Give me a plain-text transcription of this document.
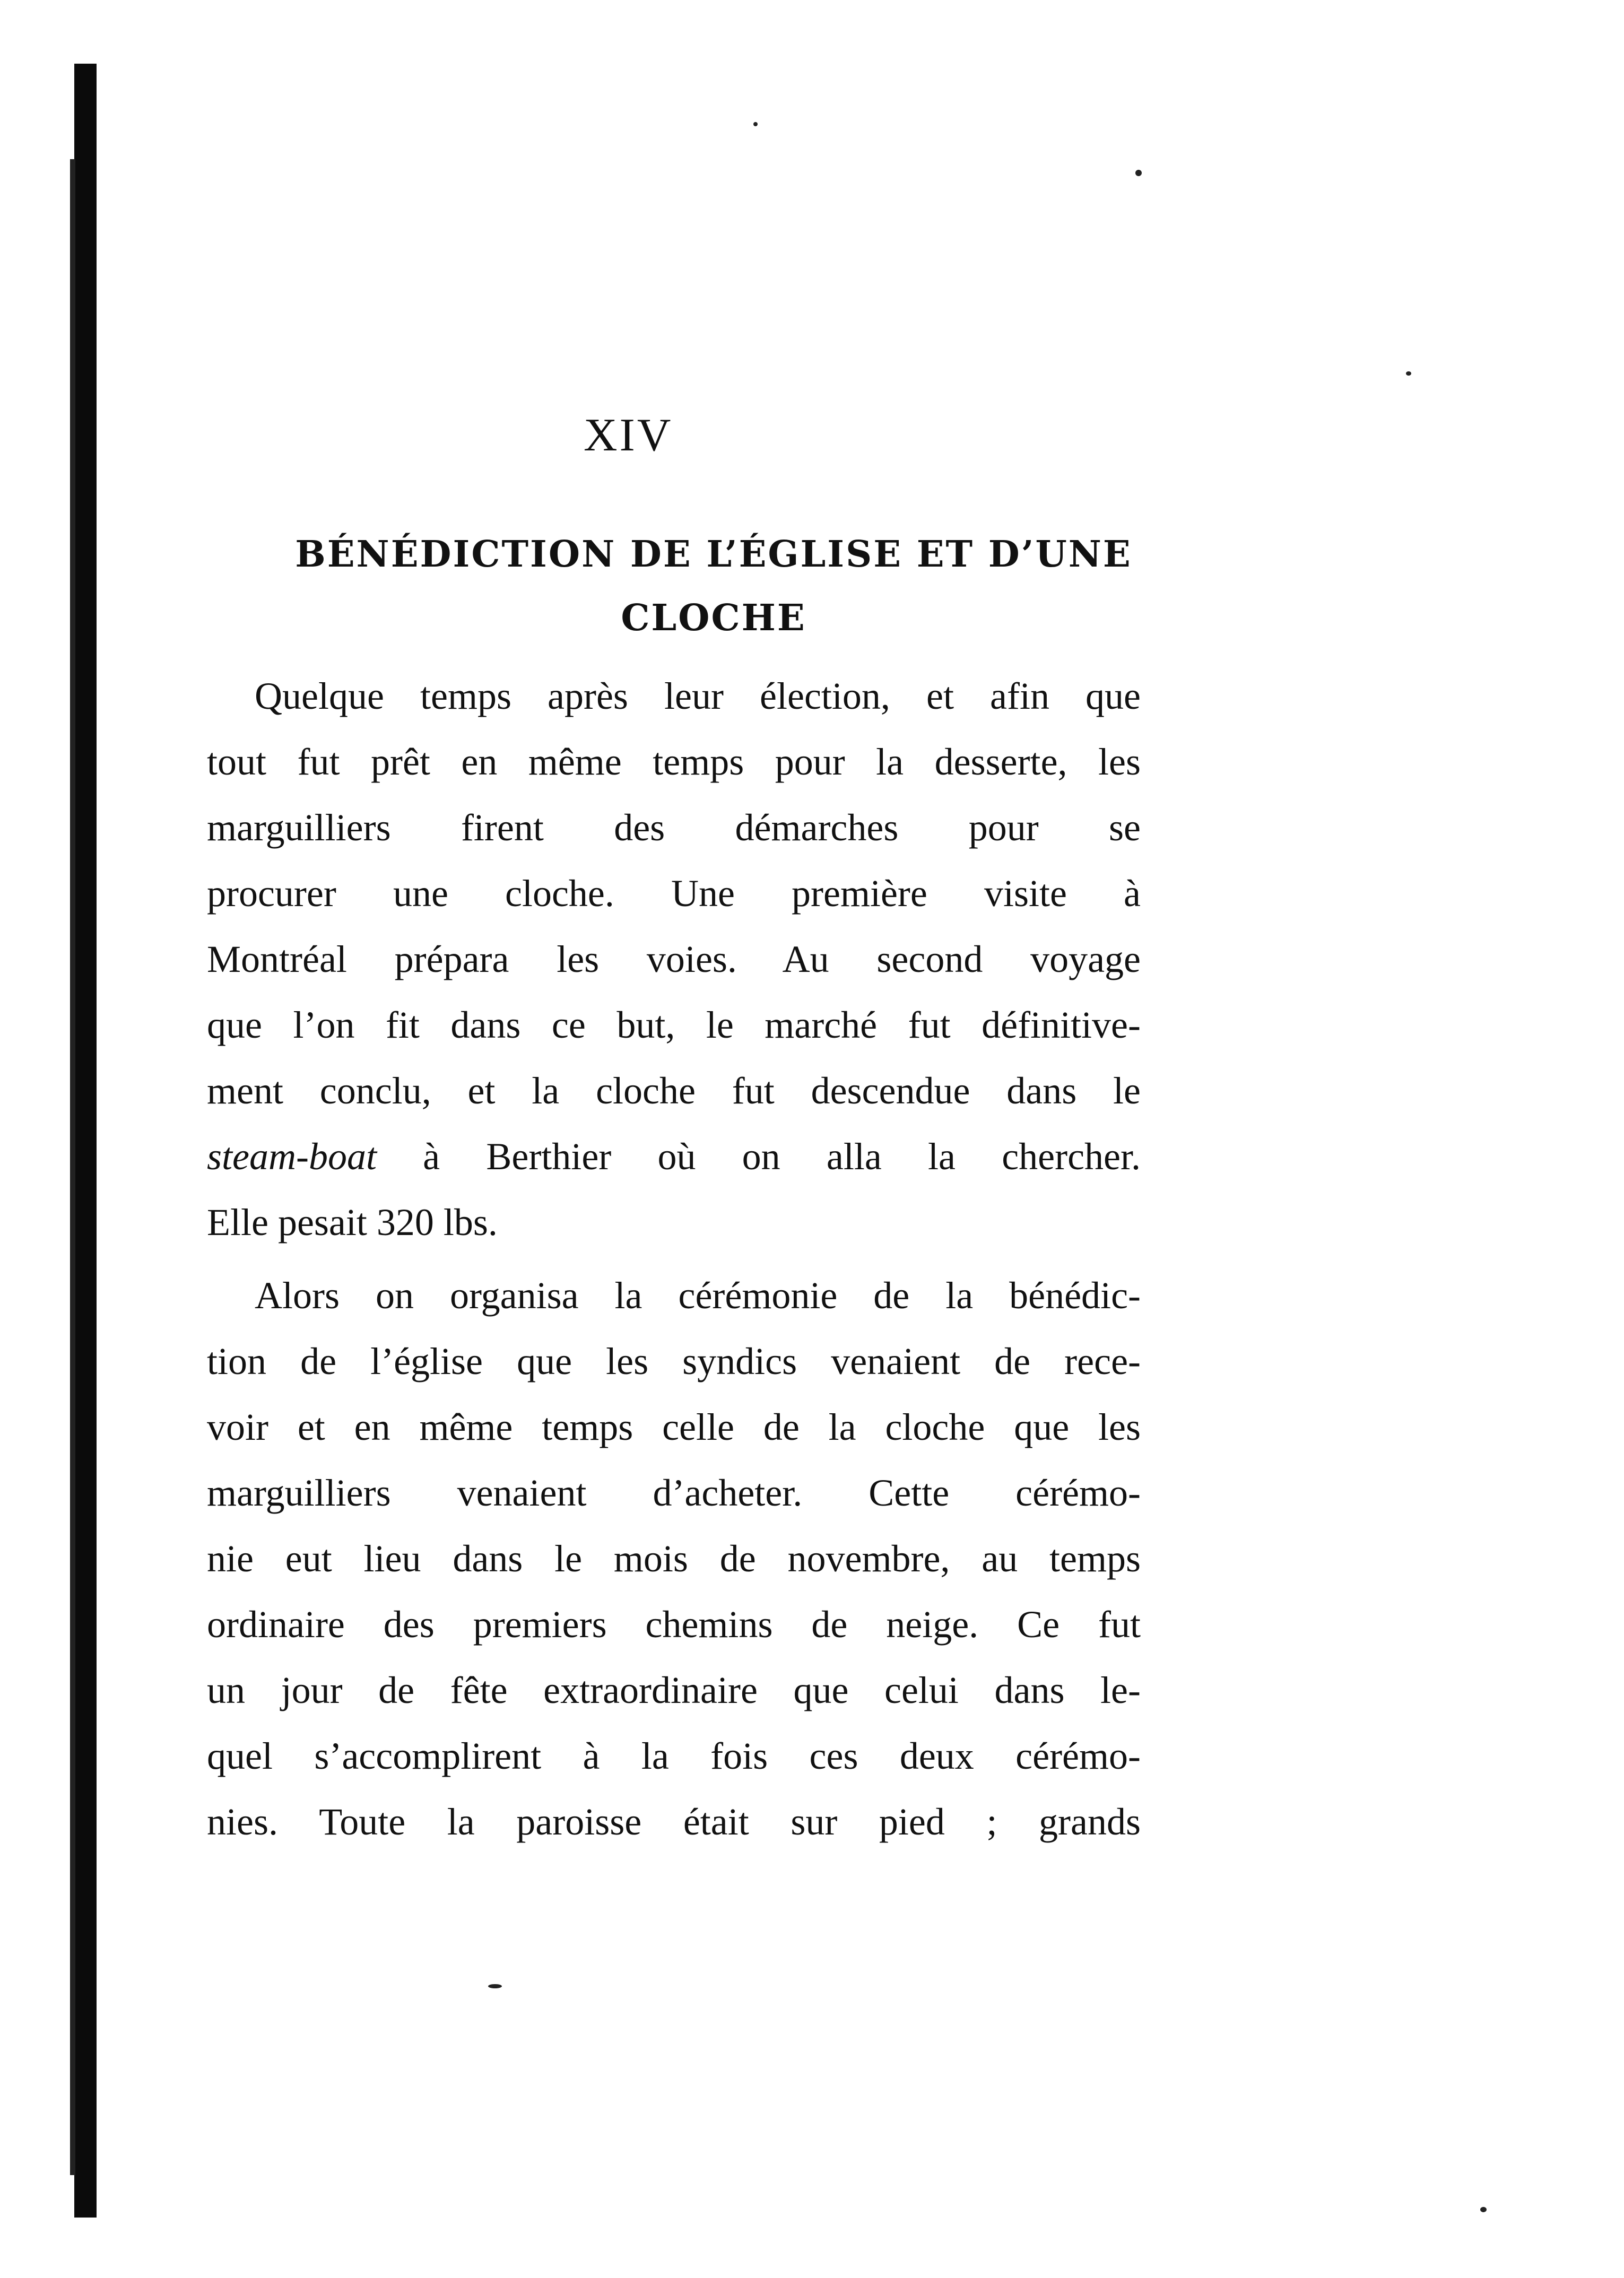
XIV
BÉNÉDICTION DE L’ÉGLISE ET D’UNE
CLOCHE
Quelque temps après leur élection, et afin que
tout fut prêt en même temps pour la desserte, les
marguilliers firent des démarches pour se
procurer une cloche. Une première visite à
Montréal prépara les voies. Au second voyage
que l’on fit dans ce but, le marché fut définitive-
ment conclu, et la cloche fut descendue dans le
steam-boat à Berthier où on alla la chercher.
Elle pesait 320 lbs.
Alors on organisa la cérémonie de la bénédic-
tion de l’église que les syndics venaient de rece-
voir et en même temps celle de la cloche que les
marguilliers venaient d’acheter. Cette cérémo-
nie eut lieu dans le mois de novembre, au temps
ordinaire des premiers chemins de neige. Ce fut
un jour de fête extraordinaire que celui dans le-
quel s’accomplirent à la fois ces deux cérémo-
nies. Toute la paroisse était sur pied ; grands
